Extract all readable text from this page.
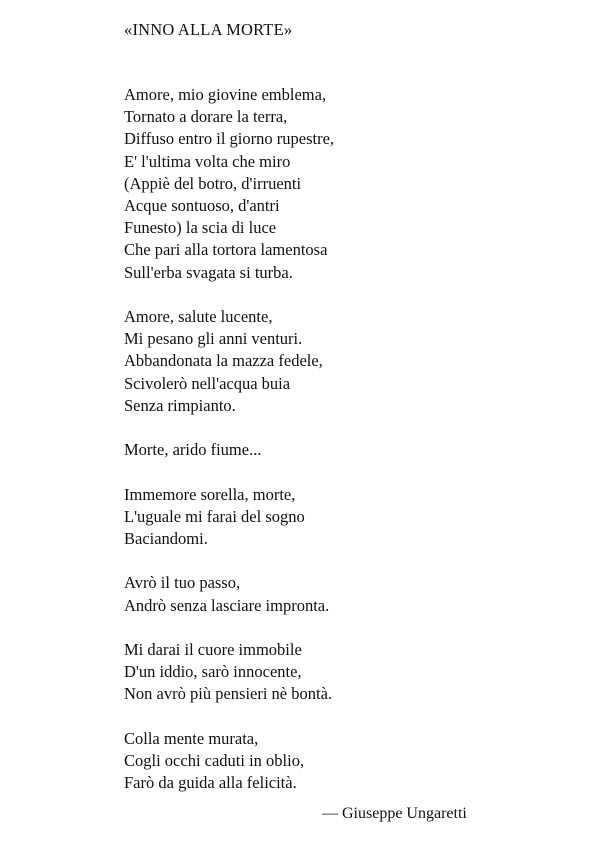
«INNO ALLA MORTE»
Amore, mio giovine emblema,
Tornato a dorare la terra,
Diffuso entro il giorno rupestre,
E' l'ultima volta che miro
(Appiè del botro, d'irruenti
Acque sontuoso, d'antri
Funesto) la scia di luce
Che pari alla tortora lamentosa
Sull'erba svagata si turba.
Amore, salute lucente,
Mi pesano gli anni venturi.
Abbandonata la mazza fedele,
Scivolerò nell'acqua buia
Senza rimpianto.
Morte, arido fiume...
Immemore sorella, morte,
L'uguale mi farai del sogno
Baciandomi.
Avrò il tuo passo,
Andrò senza lasciare impronta.
Mi darai il cuore immobile
D'un iddio, sarò innocente,
Non avrò più pensieri nè bontà.
Colla mente murata,
Cogli occhi caduti in oblio,
Farò da guida alla felicità.
— Giuseppe Ungaretti
